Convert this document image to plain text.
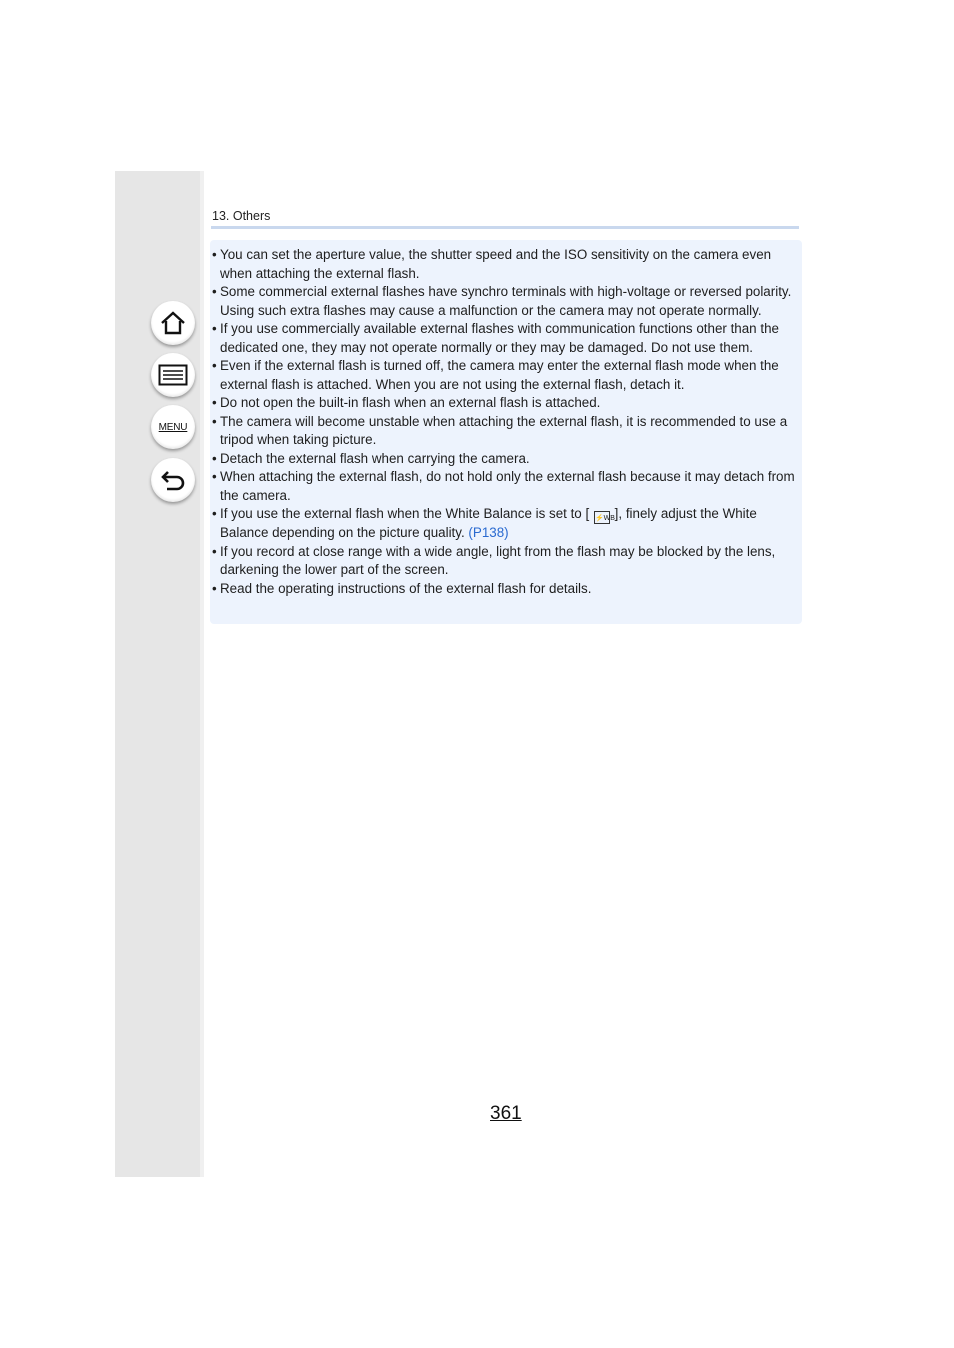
MENU
13. Others
• You can set the aperture value, the shutter speed and the ISO sensitivity on the camera even when attaching the external flash.
• Some commercial external flashes have synchro terminals with high-voltage or reversed polarity. Using such extra flashes may cause a malfunction or the camera may not operate normally.
• If you use commercially available external flashes with communication functions other than the dedicated one, they may not operate normally or they may be damaged. Do not use them.
• Even if the external flash is turned off, the camera may enter the external flash mode when the external flash is attached. When you are not using the external flash, detach it.
• Do not open the built-in flash when an external flash is attached.
• The camera will become unstable when attaching the external flash, it is recommended to use a tripod when taking picture.
• Detach the external flash when carrying the camera.
• When attaching the external flash, do not hold only the external flash because it may detach from the camera.
• If you use the external flash when the White Balance is set to [ ⚡WB ], finely adjust the White Balance depending on the picture quality. (P138)
• If you record at close range with a wide angle, light from the flash may be blocked by the lens, darkening the lower part of the screen.
• Read the operating instructions of the external flash for details.
361
